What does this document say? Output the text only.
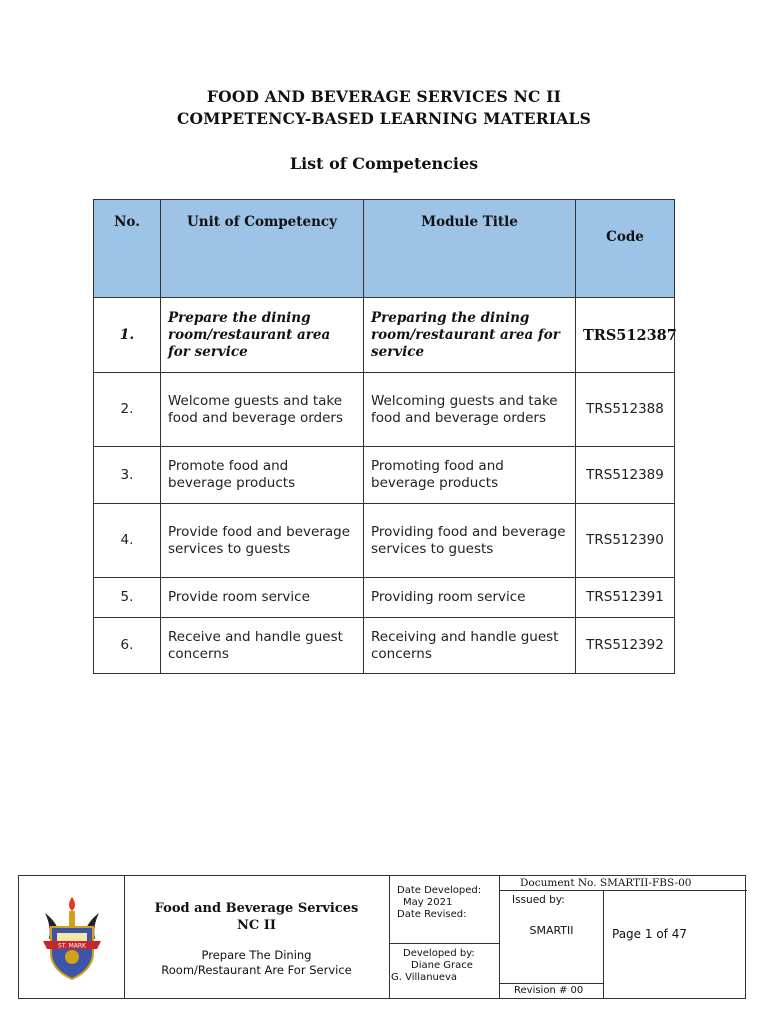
FOOD AND BEVERAGE SERVICES NC II
COMPETENCY-BASED LEARNING MATERIALS
List of Competencies
No.	Unit of Competency	Module Title	Code
1.	Prepare the dining room/restaurant area for service	Preparing the dining room/restaurant area for service	TRS512387
2.	Welcome guests and take food and beverage orders	Welcoming guests and take food and beverage orders	TRS512388
3.	Promote food and beverage products	Promoting food and beverage products	TRS512389
4.	Provide food and beverage services to guests	Providing food and beverage services to guests	TRS512390
5.	Provide room service	Providing room service	TRS512391
6.	Receive and handle guest concerns	Receiving and handle guest concerns	TRS512392
ST. MARK
Food and Beverage Services
NC II
Prepare The Dining
Room/Restaurant Are For Service
Date Developed:
May 2021
Date Revised:
Developed by:
Diane Grace
G. Villanueva
Document No. SMARTII-FBS-00
Issued by:
SMARTII	Page 1 of 47
Revision # 00
